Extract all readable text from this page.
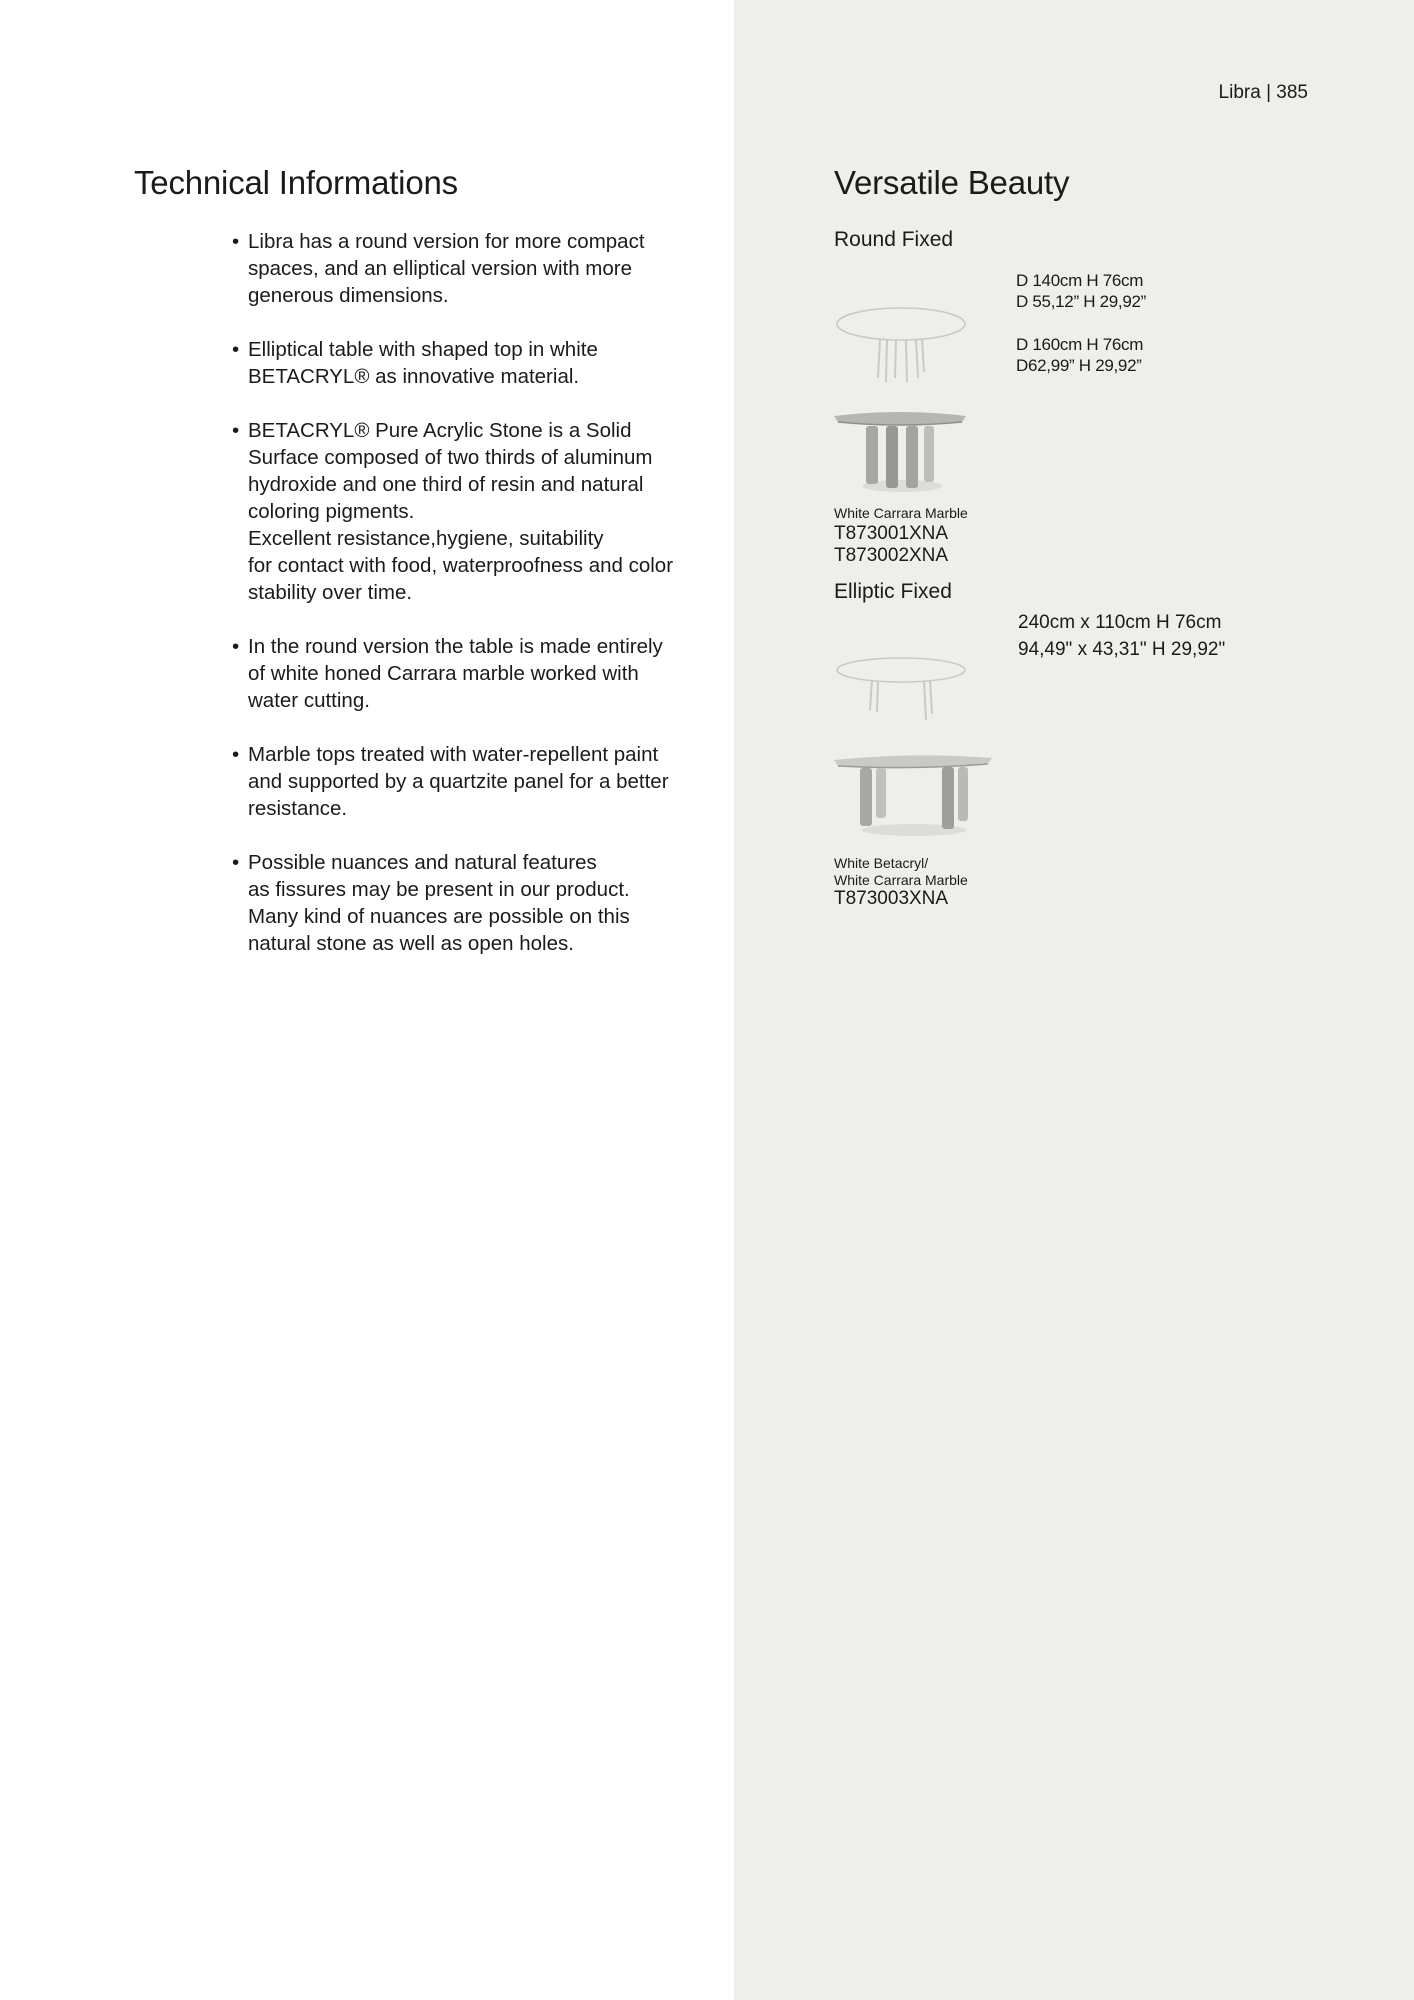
Libra | 385
Technical Informations
• Libra has a round version for more compact
spaces, and an elliptical version with more
generous dimensions.
• Elliptical table with shaped top in white
BETACRYL® as innovative material.
• BETACRYL® Pure Acrylic Stone is a Solid
Surface composed of two thirds of aluminum
hydroxide and one third of resin and natural
coloring pigments.
Excellent resistance,hygiene, suitability
for contact with food, waterproofness and color
stability over time.
• In the round version the table is made entirely
of white honed Carrara marble worked with
water cutting.
• Marble tops treated with water-repellent paint
and supported by a quartzite panel for a better
resistance.
• Possible nuances and natural features
as fissures may be present in our product.
Many kind of nuances are possible on this
natural stone as well as open holes.
Versatile Beauty
Round Fixed
D 140cm H 76cm
D 55,12” H 29,92”
D 160cm H 76cm
D62,99” H 29,92”
White Carrara Marble
T873001XNA
T873002XNA
Elliptic Fixed
240cm x 110cm H 76cm
94,49" x 43,31" H 29,92"
White Betacryl/
White Carrara Marble
T873003XNA
